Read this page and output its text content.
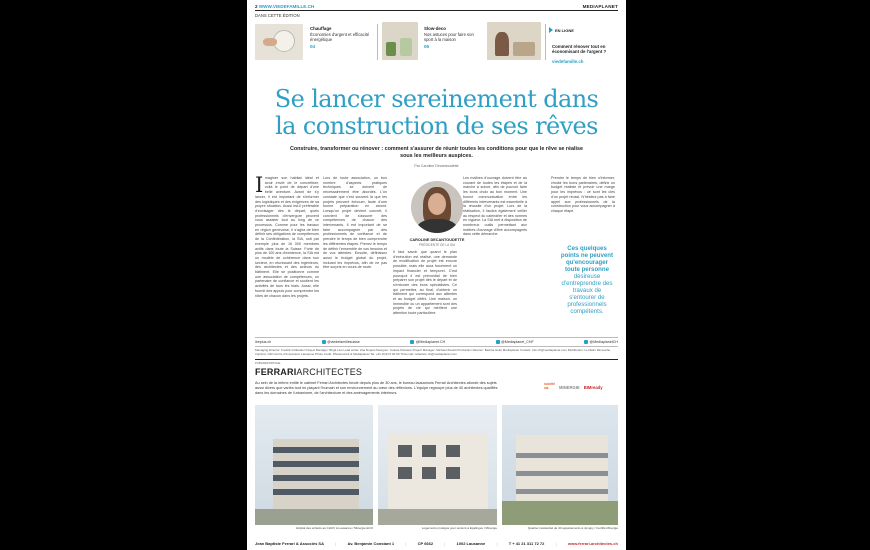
2 WWW.VIEDEFAMILLE.CH	MEDIAPLANET
DANS CETTE ÉDITION
Chauffage
Économies d'argent et efficacité énergétique
04
Slow-deco
Nos astuces pour faire son sport à la maison
05
EN LIGNE
Comment rénover tout en économisant de l'argent ?
viedefamille.ch
Se lancer sereinement dans
la construction de ses rêves
Construire, transformer ou rénover : comment s'assurer de réunir toutes les conditions pour que le rêve se réalise sous les meilleurs auspices.
Par Caroline Decantoudette
Imaginer son habitat idéal et avoir envie de le concrétiser, voilà le point de départ d'une belle aventure. Avant de s'y lancer, il est important de s'informer des logistiques et des exigences de sa propre situation. Aussi est-il préférable d'envisager dès le départ, quels professionnels d'envergure peuvent vous assister tout au long de ce processus. Comme pour les travaux en région genevoise, il s'agira de bien définir ses obligations de compétences de la Confédération, la SIA, soit par exemple plus de 16 000 membres actifs dans toute la Suisse. Forte de plus de 100 ans d'existence, la SIA est un modèle de cohérence dans son secteur, en réunissant des ingénieurs, des architectes et des acteurs du bâtiment. Elle se positionne comme une association de compétences, un partenaire de confiance et soutient les activités de tous les biais. Aussi, elle fournit des appuis pour comprendre les rôles de chacun dans les projets.
Lors de toute association, un bon nombre d'aspects pratiques techniques se doivent de nécessairement être abordés. L'on constate que c'est souvent là que les projets peuvent échouer, faute d'une bonne préparation en amont. Lorsqu'un projet devient concret, il convient de s'assurer des compétences de chacun des intervenants. Il est important de se faire accompagner par des professionnels de confiance et de prendre le temps de bien comprendre les différentes étapes. Prenez le temps de définir l'ensemble de vos besoins et de vos attentes. Ensuite, définissez aussi le budget global du projet, incluant les imprévus, afin de ne pas être surpris en cours de route.
CAROLINE DECANTOUDETTE
PRÉSIDENTE DE LA SIA
Il faut savoir que quand le plan d'exécution est réalisé, une demande de modification de projet est encore possible, mais elle aura forcément un impact financier et temporel. C'est pourquoi il est primordial de bien préparer son projet dès le départ et de s'entourer des bons spécialistes. Ce qui permettra, au final, d'obtenir un bâtiment qui correspond aux attentes et au budget défini. Une maison, un immeuble ou un appartement sont des projets de vie qui méritent une attention toute particulière.
Les maîtres d'ouvrage doivent être au courant de toutes les étapes et de la marche à suivre, afin de pouvoir faire les bons choix au bon moment. Une bonne communication entre les différents intervenants est essentielle à la réussite d'un projet. Lors de la réalisation, il faudra également veiller au respect du calendrier et des normes en vigueur. La SIA met à disposition de nombreux outils permettant aux maîtres d'ouvrage d'être accompagnés dans cette démarche.
Prendre le temps de bien s'informer, choisir les bons partenaires, définir un budget réaliste et prévoir une marge pour les imprévus : ce sont les clés d'un projet réussi. N'hésitez pas à faire appel aux professionnels de la construction pour vous accompagner à chaque étape.
Ces quelques points ne peuvent qu'encourager toute personne désireuse d'entreprendre des travaux de s'entourer de professionnels compétents.
lireplus.ch	@viedefamillesuisse	@Mediaplanet.CH	@Mediaplanet_CHF	@MediaplanetCH
Managing Director: Fredrik Colliander Project Manager: Birgit Lion Lead writer: Zoé Dupuis Designer: Colette Montans Project Manager: Michael Zanetti Production Director: Bettina Gullo Mediaplanet Contact: Info.ch@mediaplanet.com Distribution: Le Matin Dimanche Imprimé: CIR Centre d'Impression Lausanne Photo credit: Shutterstock & Mediaplanet Tel: +41 (0)44 5 00 90 70 E-mail: redaction.ch@mediaplanet.com
PUBLIREPORTAGE
FERRARIARCHITECTES
Au sein de la même entité le cabinet Ferrari Architectes fondé depuis plus de 30 ans, le bureau lausannois Ferrari Architectes aborde des sujets aussi divers que variés tout en plaçant l'humain et son environnement au cœur des réflexions. L'équipe regroupe plus de 40 architectes qualifiés dans les domaines de l'urbanisme, de l'architecture et des aménagements intérieurs.
société
sia	MINERGIE BIMready
Hôpital des enfants au CHUV à Lausanne / Minergie ECO	Logements protégés pour séniors à Epalinges / Minergie	Quartier résidentiel de 40 appartements à Jongny / Certifié Minergie
Jean Baptiste Ferrari & Associés SA	|	Av. Benjamin Constant 1	|	CP 6662	|	1002 Lausanne	|	T + 41 21 311 72 72	|	www.ferrari-architectes.ch
